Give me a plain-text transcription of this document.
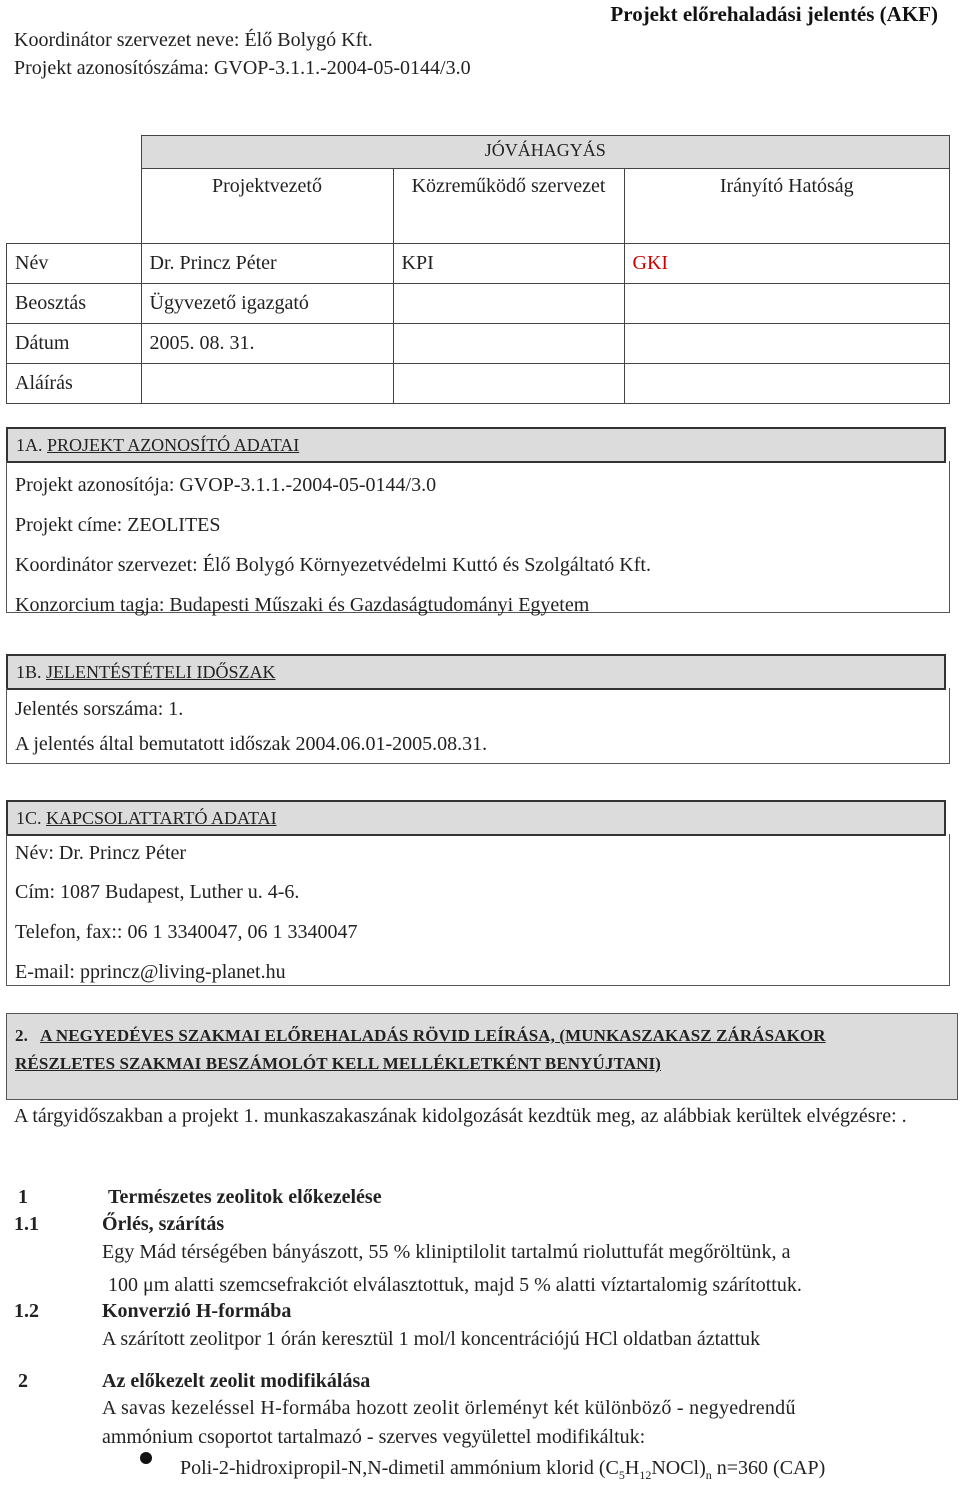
Koordinátor szervezet neve: Élő Bolygó Kft.
Projekt azonosítószáma: GVOP-3.1.1.-2004-05-0144/3.0
Projekt előrehaladási jelentés (AKF)
	JÓVÁHAGYÁS		
	Projektvezető	Közreműködő szervezet	Irányító Hatóság
Név	Dr. Princz Péter	KPI	GKI
Beosztás	Ügyvezető igazgató		
Dátum	2005. 08. 31.		
Aláírás			
1A. PROJEKT AZONOSÍTÓ ADATAI
Projekt azonosítója: GVOP-3.1.1.-2004-05-0144/3.0
Projekt címe: ZEOLITES
Koordinátor szervezet: Élő Bolygó Környezetvédelmi Kuttó és Szolgáltató Kft.
Konzorcium tagja: Budapesti Műszaki és Gazdaságtudományi Egyetem
1B. JELENTÉSTÉTELI IDŐSZAK
Jelentés sorszáma: 1.
A jelentés által bemutatott időszak 2004.06.01-2005.08.31.
1C. KAPCSOLATTARTÓ ADATAI
Név: Dr. Princz Péter
Cím: 1087 Budapest, Luther u. 4-6.
Telefon, fax:: 06 1 3340047, 06 1 3340047
E-mail: pprincz@living-planet.hu
2. A NEGYEDÉVES SZAKMAI ELŐREHALADÁS RÖVID LEÍRÁSA, (MUNKASZAKASZ ZÁRÁSAKOR
RÉSZLETES SZAKMAI BESZÁMOLÓT KELL MELLÉKLETKÉNT BENYÚJTANI)

A tárgyidőszakban a projekt 1. munkaszakaszának kidolgozását kezdtük meg, az alábbiak kerültek elvégzésre: .

1	Természetes zeolitok előkezelése
1.1	Őrlés, szárítás
Egy Mád térségében bányászott, 55 % kliniptilolit tartalmú rioluttufát megőröltünk, a
100 μm alatti szemcsefrakciót elválasztottuk, majd 5 % alatti víztartalomig szárítottuk.
1.2	Konverzió H-formába
A szárított zeolitpor 1 órán keresztül 1 mol/l koncentrációjú HCl oldatban áztattuk
2	Az előkezelt zeolit modifikálása
A savas kezeléssel H-formába hozott zeolit örleményt két különböző - negyedrendű
ammónium csoportot tartalmazó - szerves vegyülettel modifikáltuk:
Poli-2-hidroxipropil-N,N-dimetil ammónium klorid $(C_5H_{12}NOCl)_n$ n=360 (CAP)
